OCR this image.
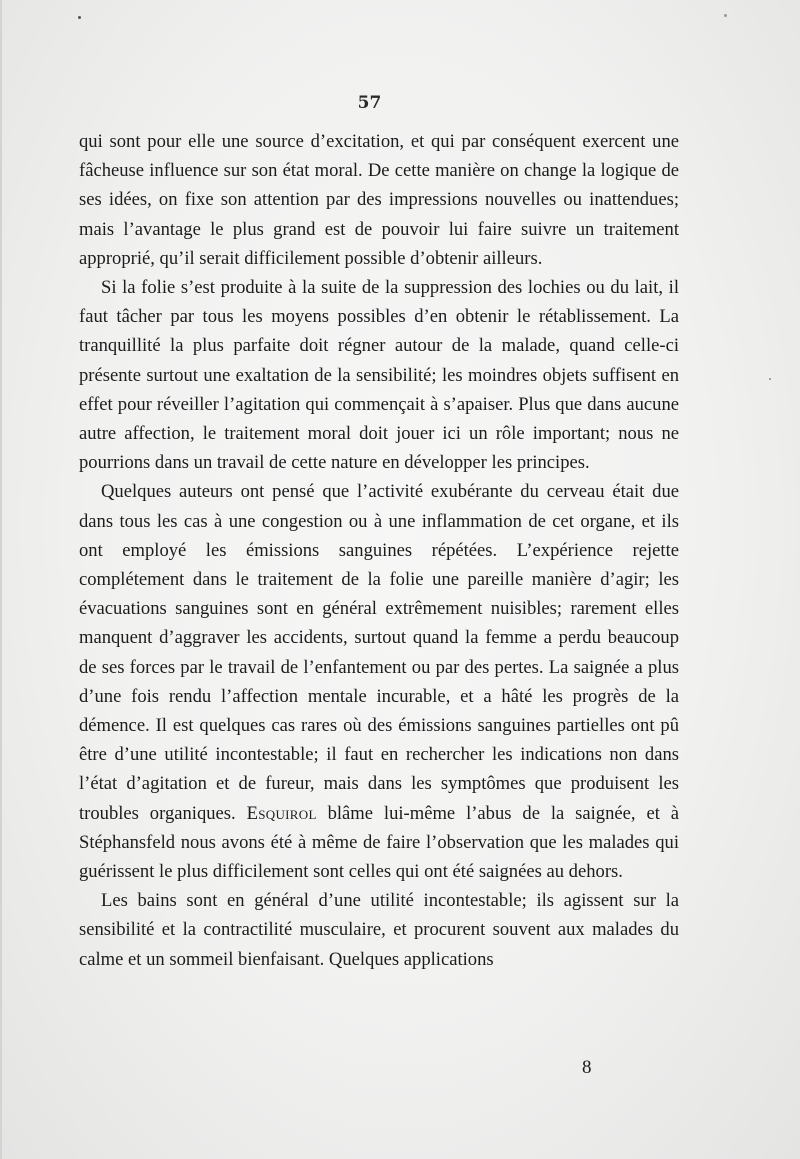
57

qui sont pour elle une source d’excitation, et qui par conséquent exercent une fâcheuse influence sur son état moral. De cette manière on change la logique de ses idées, on fixe son attention par des impressions nouvelles ou inattendues; mais l’avantage le plus grand est de pouvoir lui faire suivre un traitement approprié, qu’il serait difficilement possible d’obtenir ailleurs.

Si la folie s’est produite à la suite de la suppression des lochies ou du lait, il faut tâcher par tous les moyens possibles d’en obtenir le rétablissement. La tranquillité la plus parfaite doit régner autour de la malade, quand celle-ci présente surtout une exaltation de la sensibilité; les moindres objets suffisent en effet pour réveiller l’agitation qui commençait à s’apaiser. Plus que dans aucune autre affection, le traitement moral doit jouer ici un rôle important; nous ne pourrions dans un travail de cette nature en développer les principes.

Quelques auteurs ont pensé que l’activité exubérante du cerveau était due dans tous les cas à une congestion ou à une inflammation de cet organe, et ils ont employé les émissions sanguines répétées. L’expérience rejette complétement dans le traitement de la folie une pareille manière d’agir; les évacuations sanguines sont en général extrêmement nuisibles; rarement elles manquent d’aggraver les accidents, surtout quand la femme a perdu beaucoup de ses forces par le travail de l’enfantement ou par des pertes. La saignée a plus d’une fois rendu l’affection mentale incurable, et a hâté les progrès de la démence. Il est quelques cas rares où des émissions sanguines partielles ont pû être d’une utilité incontestable; il faut en rechercher les indications non dans l’état d’agitation et de fureur, mais dans les symptômes que produisent les troubles organiques. Esquirol blâme lui-même l’abus de la saignée, et à Stéphansfeld nous avons été à même de faire l’observation que les malades qui guérissent le plus difficilement sont celles qui ont été saignées au dehors.

Les bains sont en général d’une utilité incontestable; ils agissent sur la sensibilité et la contractilité musculaire, et procurent souvent aux malades du calme et un sommeil bienfaisant. Quelques applications

8
